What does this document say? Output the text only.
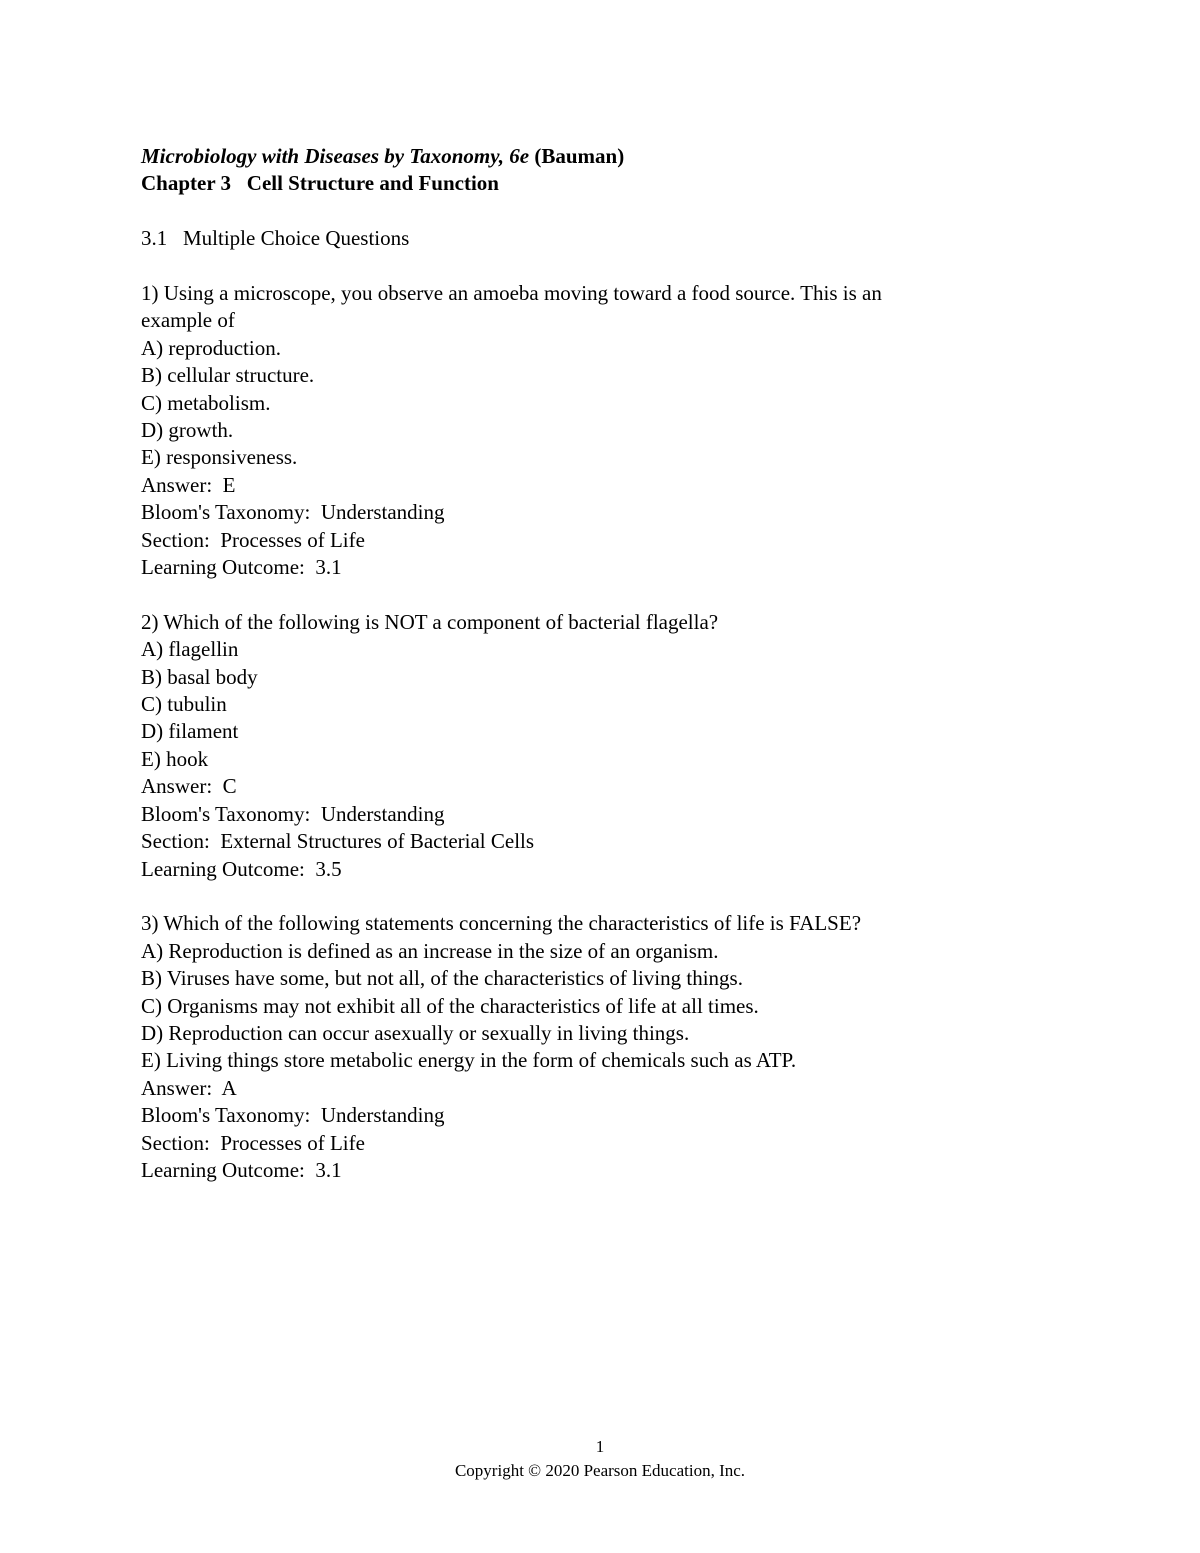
Microbiology with Diseases by Taxonomy, 6e (Bauman)
Chapter 3   Cell Structure and Function
3.1   Multiple Choice Questions
1) Using a microscope, you observe an amoeba moving toward a food source. This is an
example of
A) reproduction.
B) cellular structure.
C) metabolism.
D) growth.
E) responsiveness.
Answer:  E
Bloom's Taxonomy:  Understanding
Section:  Processes of Life
Learning Outcome:  3.1
2) Which of the following is NOT a component of bacterial flagella?
A) flagellin
B) basal body
C) tubulin
D) filament
E) hook
Answer:  C
Bloom's Taxonomy:  Understanding
Section:  External Structures of Bacterial Cells
Learning Outcome:  3.5
3) Which of the following statements concerning the characteristics of life is FALSE?
A) Reproduction is defined as an increase in the size of an organism.
B) Viruses have some, but not all, of the characteristics of living things.
C) Organisms may not exhibit all of the characteristics of life at all times.
D) Reproduction can occur asexually or sexually in living things.
E) Living things store metabolic energy in the form of chemicals such as ATP.
Answer:  A
Bloom's Taxonomy:  Understanding
Section:  Processes of Life
Learning Outcome:  3.1
1
Copyright © 2020 Pearson Education, Inc.
